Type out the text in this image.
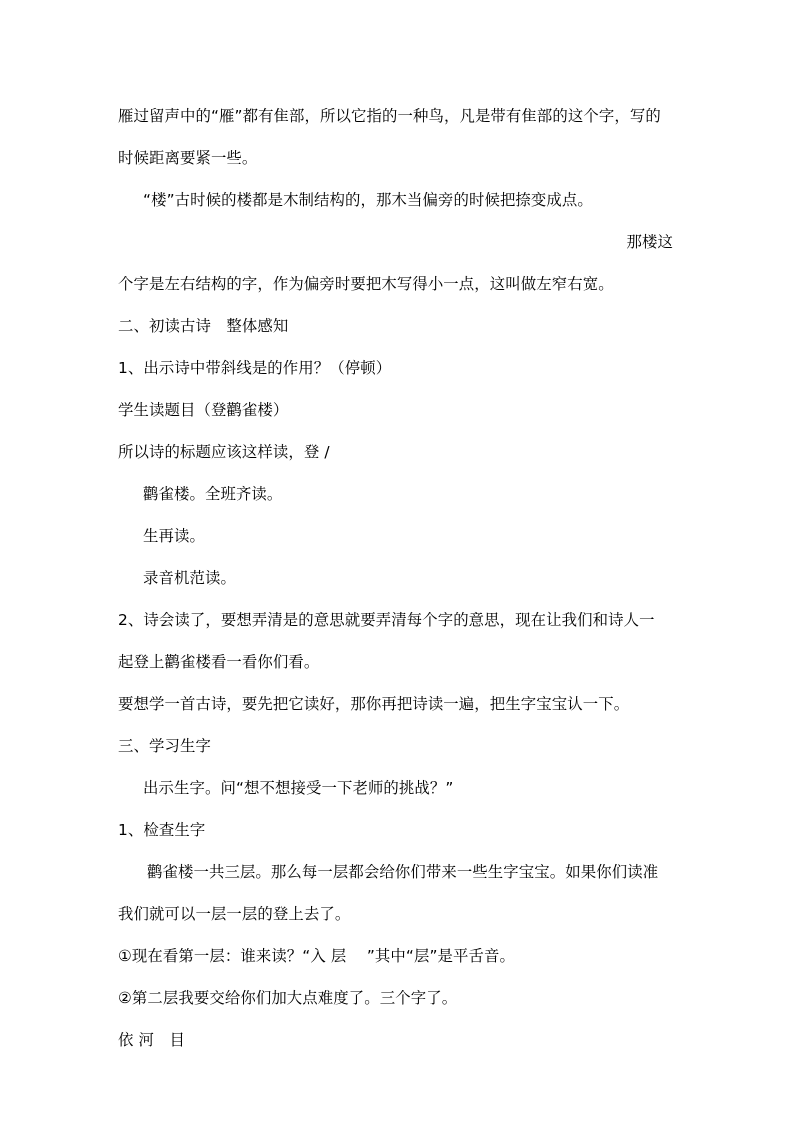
雁过留声中的“雁”都有隹部，所以它指的一种鸟，凡是带有隹部的这个字，写的
时候距离要紧一些。
“楼”古时候的楼都是木制结构的，那木当偏旁的时候把捺变成点。
那楼这
个字是左右结构的字，作为偏旁时要把木写得小一点，这叫做左窄右宽。
二、初读古诗　整体感知
1、出示诗中带斜线是的作用？（停顿）
学生读题目（登鹳雀楼）
所以诗的标题应该这样读，登 /
鹳雀楼。全班齐读。
生再读。
录音机范读。
2、诗会读了，要想弄清是的意思就要弄清每个字的意思，现在让我们和诗人一
起登上鹳雀楼看一看你们看。
要想学一首古诗，要先把它读好，那你再把诗读一遍，把生字宝宝认一下。
三、学习生字
出示生字。问“想不想接受一下老师的挑战？”
1、检查生字
鹳雀楼一共三层。那么每一层都会给你们带来一些生字宝宝。如果你们读准
我们就可以一层一层的登上去了。
①现在看第一层：谁来读？“入 层　 ”其中“层”是平舌音。
②第二层我要交给你们加大点难度了。三个字了。
依 河　目
